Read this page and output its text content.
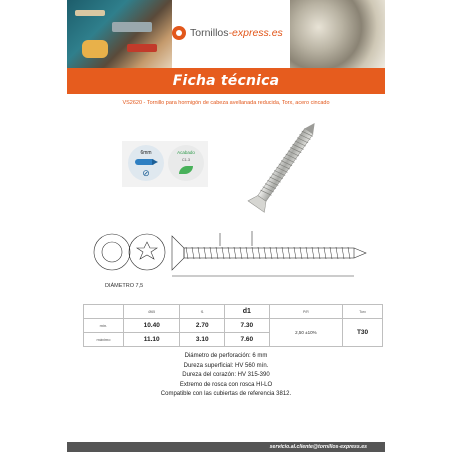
Tornillos-express.es
Ficha técnica
VS2620 - Tornillo para hormigón de cabeza avellanada reducida, Torx, acero cincado
6mm
⊘
Acabado
C1.3
DIÁMETRO 7,5
	Ø65	f1	d1	P/R	Torx
mín.	10.40	2.70	7.30	2,50 ±10%	T30
máximo	11.10	3.10	7.60		
Diámetro de perforación: 6 mm
Dureza superficial: HV 560 mín.
Dureza del corazón: HV 315-390
Extremo de rosca con rosca HI-LO
Compatible con las cubiertas de referencia 3812.
servicio.al.cliente@tornillos-express.es
